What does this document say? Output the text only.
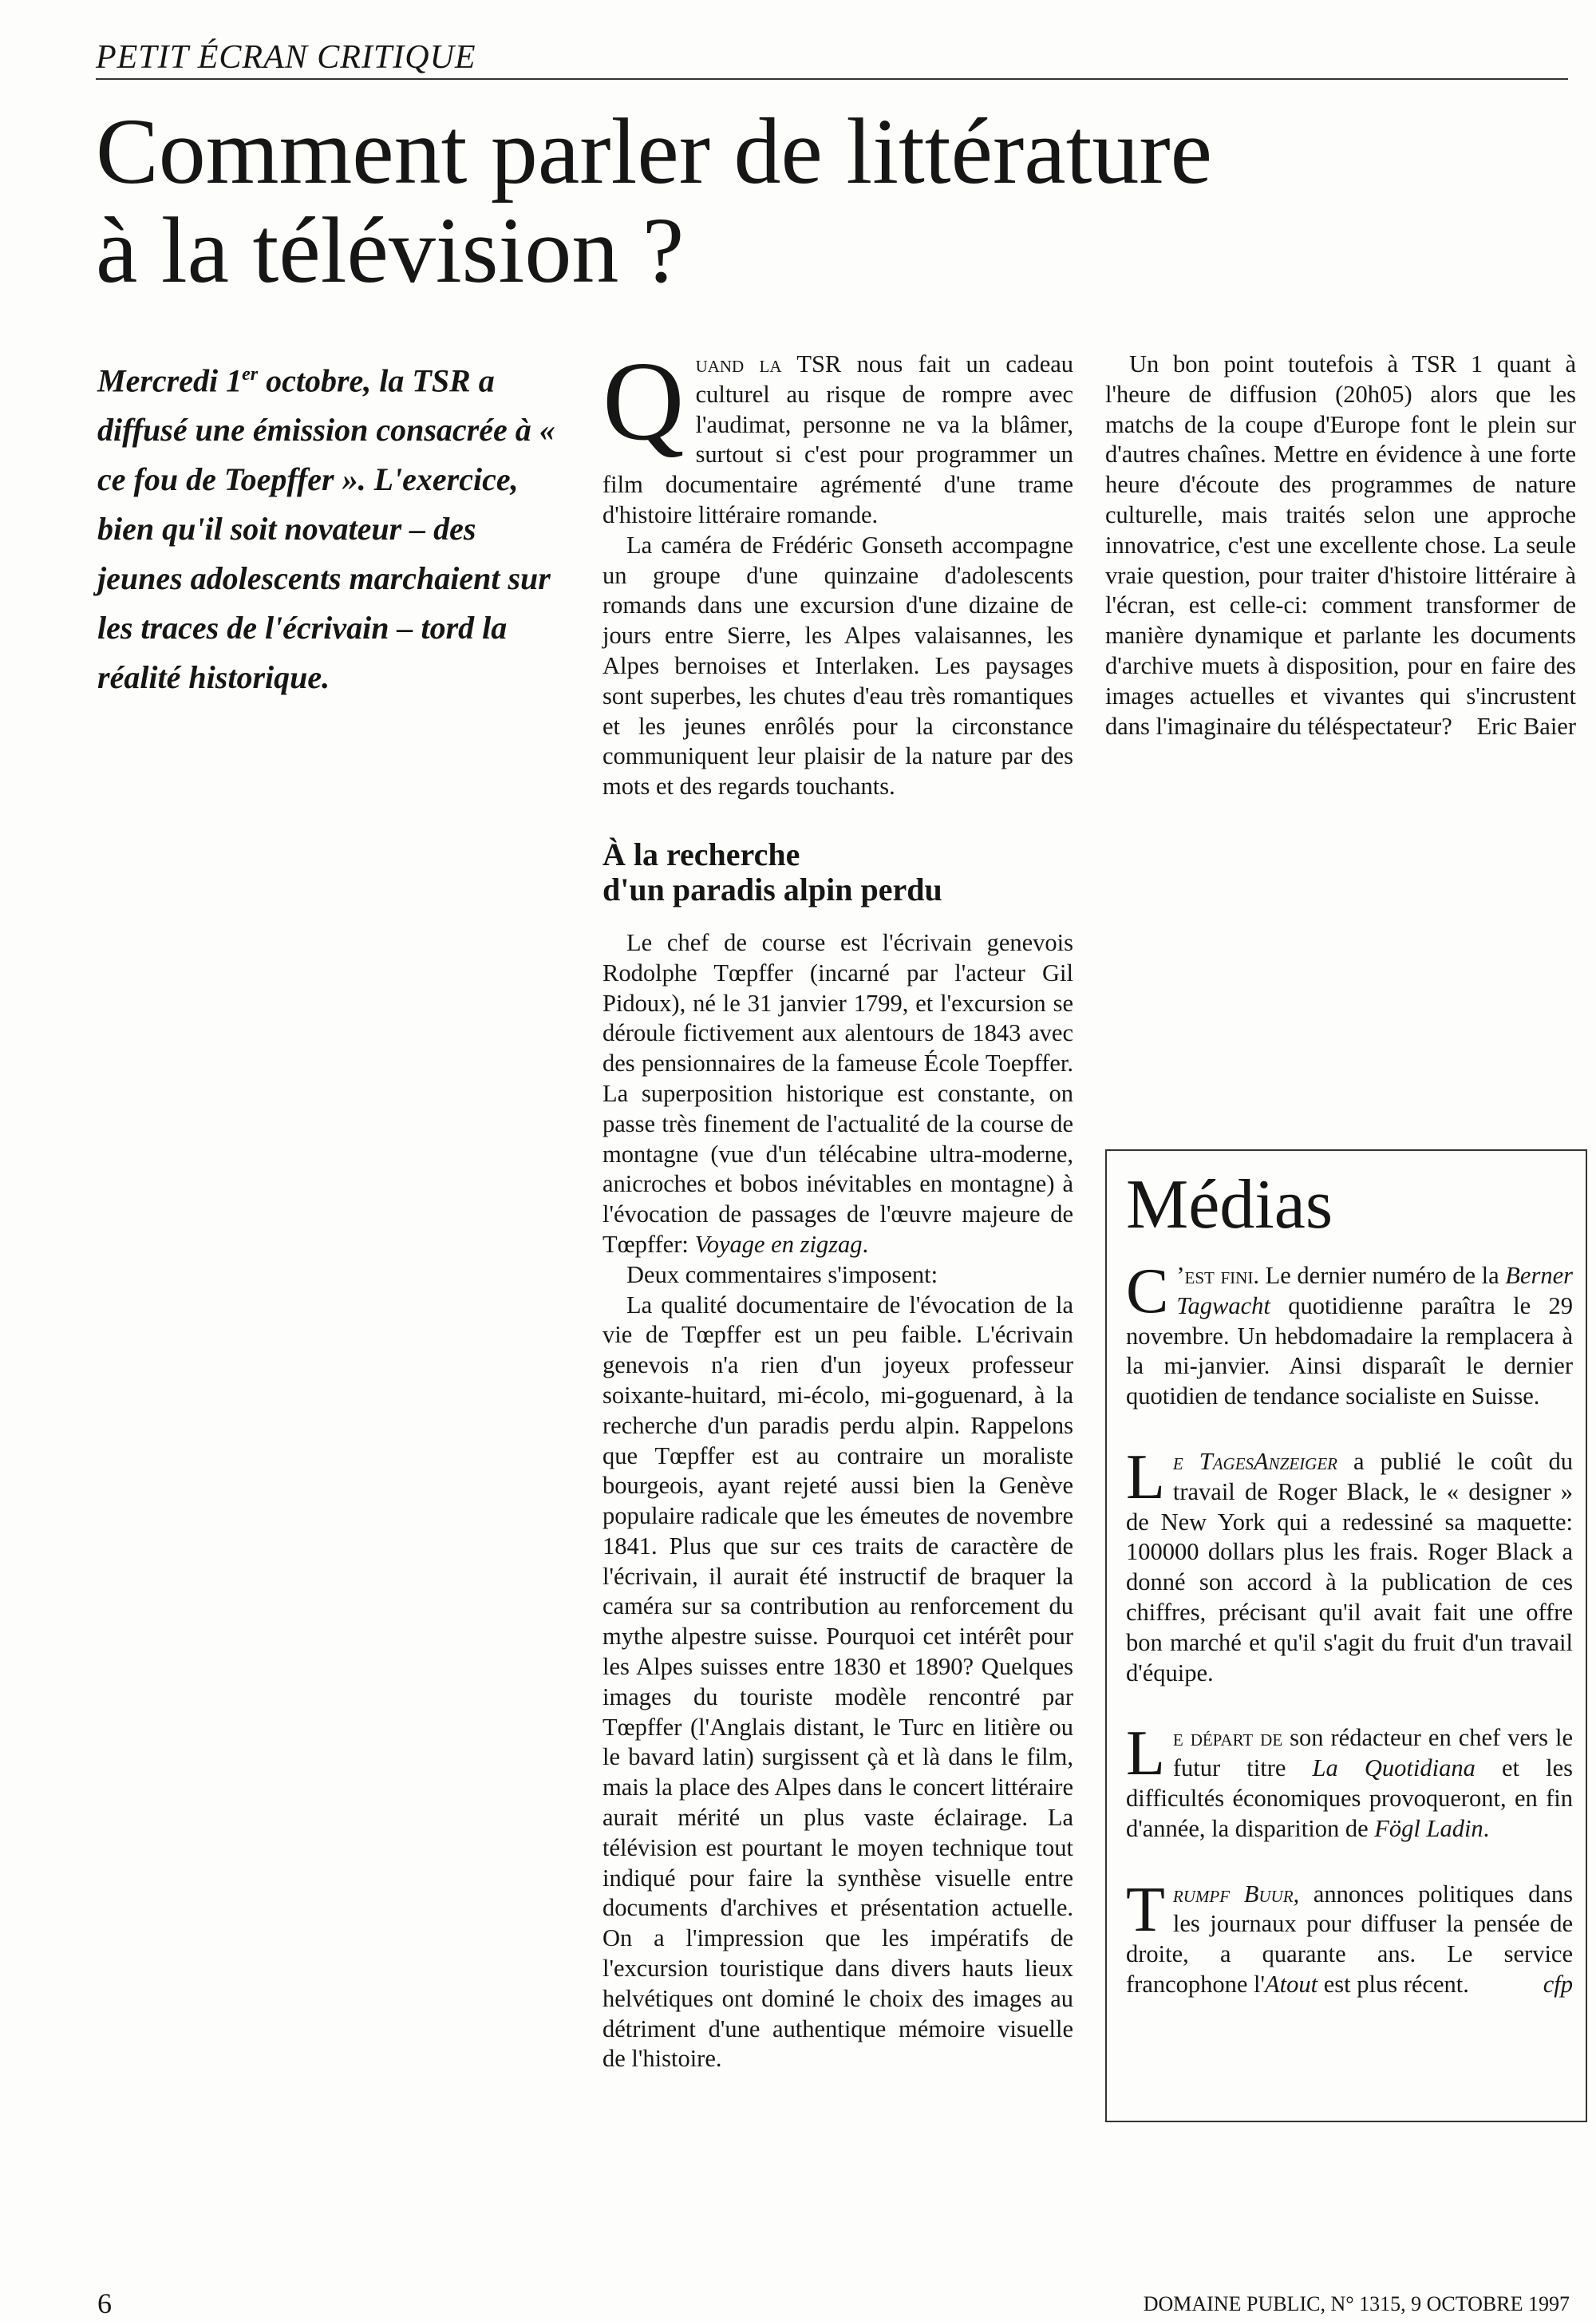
PETIT ÉCRAN CRITIQUE
Comment parler de littérature
à la télévision ?
Mercredi 1er octobre, la TSR a diffusé une émission consacrée à « ce fou de Toepffer ». L'exercice, bien qu'il soit novateur – des jeunes adolescents marchaient sur les traces de l'écrivain – tord la réalité historique.

Quand la TSR nous fait un cadeau culturel au risque de rompre avec l'audimat, personne ne va la blâmer, surtout si c'est pour programmer un film documentaire agrémenté d'une trame d'histoire littéraire romande.

La caméra de Frédéric Gonseth accompagne un groupe d'une quinzaine d'adolescents romands dans une excursion d'une dizaine de jours entre Sierre, les Alpes valaisannes, les Alpes bernoises et Interlaken. Les paysages sont superbes, les chutes d'eau très romantiques et les jeunes enrôlés pour la circonstance communiquent leur plaisir de la nature par des mots et des regards touchants.

À la recherche
d'un paradis alpin perdu

Le chef de course est l'écrivain genevois Rodolphe Tœpffer (incarné par l'acteur Gil Pidoux), né le 31 janvier 1799, et l'excursion se déroule fictivement aux alentours de 1843 avec des pensionnaires de la fameuse École Toepffer. La superposition historique est constante, on passe très finement de l'actualité de la course de montagne (vue d'un télécabine ultra-moderne, anicroches et bobos inévitables en montagne) à l'évocation de passages de l'œuvre majeure de Tœpffer: Voyage en zigzag.

Deux commentaires s'imposent:

La qualité documentaire de l'évocation de la vie de Tœpffer est un peu faible. L'écrivain genevois n'a rien d'un joyeux professeur soixante-huitard, mi-écolo, mi-goguenard, à la recherche d'un paradis perdu alpin. Rappelons que Tœpffer est au contraire un moraliste bourgeois, ayant rejeté aussi bien la Genève populaire radicale que les émeutes de novembre 1841. Plus que sur ces traits de caractère de l'écrivain, il aurait été instructif de braquer la caméra sur sa contribution au renforcement du mythe alpestre suisse. Pourquoi cet intérêt pour les Alpes suisses entre 1830 et 1890? Quelques images du touriste modèle rencontré par Tœpffer (l'Anglais distant, le Turc en litière ou le bavard latin) surgissent çà et là dans le film, mais la place des Alpes dans le concert littéraire aurait mérité un plus vaste éclairage. La télévision est pourtant le moyen technique tout indiqué pour faire la synthèse visuelle entre documents d'archives et présentation actuelle. On a l'impression que les impératifs de l'excursion touristique dans divers hauts lieux helvétiques ont dominé le choix des images au détriment d'une authentique mémoire visuelle de l'histoire.

Un bon point toutefois à TSR 1 quant à l'heure de diffusion (20h05) alors que les matchs de la coupe d'Europe font le plein sur d'autres chaînes. Mettre en évidence à une forte heure d'écoute des programmes de nature culturelle, mais traités selon une approche innovatrice, c'est une excellente chose. La seule vraie question, pour traiter d'histoire littéraire à l'écran, est celle-ci: comment transformer de manière dynamique et parlante les documents d'archive muets à disposition, pour en faire des images actuelles et vivantes qui s'incrustent dans l'imaginaire du téléspectateur?	Eric Baier

Médias

C ’est fini. Le dernier numéro de la Berner Tagwacht quotidienne paraîtra le 29 novembre. Un hebdomadaire la remplacera à la mi-janvier. Ainsi disparaît le dernier quotidien de tendance socialiste en Suisse.

Le TagesAnzeiger a publié le coût du travail de Roger Black, le « designer » de New York qui a redessiné sa maquette: 100000 dollars plus les frais. Roger Black a donné son accord à la publication de ces chiffres, précisant qu'il avait fait une offre bon marché et qu'il s'agit du fruit d'un travail d'équipe.

Le départ de son rédacteur en chef vers le futur titre La Quotidiana et les difficultés économiques provoqueront, en fin d'année, la disparition de Fögl Ladin.

Trumpf Buur, annonces politiques dans les journaux pour diffuser la pensée de droite, a quarante ans. Le service francophone l'Atout est plus récent.	cfp

6	DOMAINE PUBLIC, N° 1315, 9 OCTOBRE 1997
